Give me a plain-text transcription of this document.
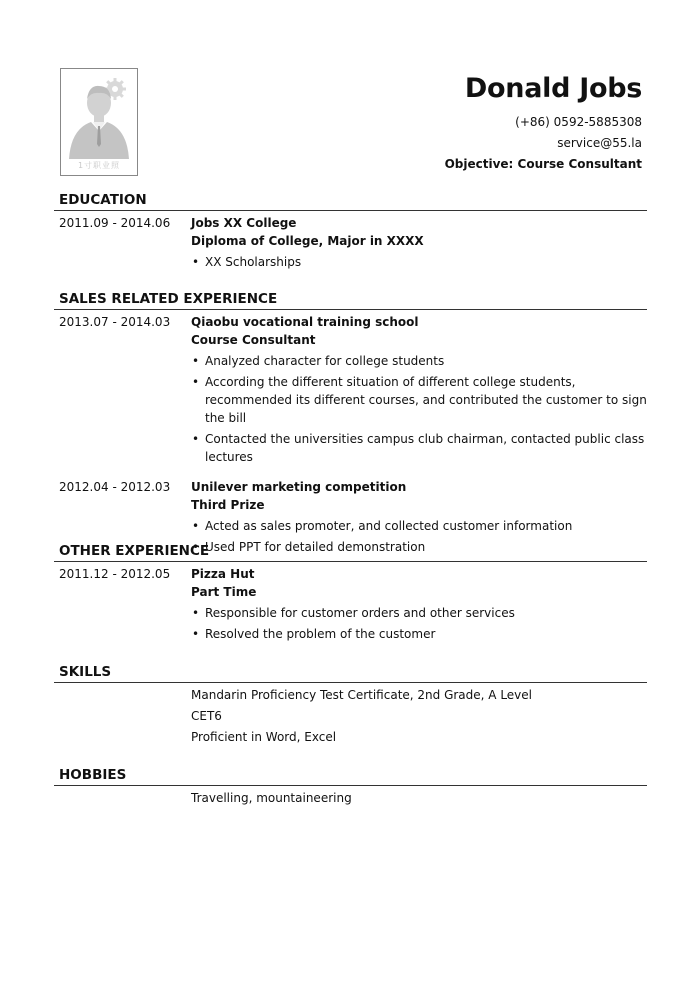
1寸职业照
Donald Jobs
(+86) 0592-5885308
service@55.la
Objective: Course Consultant
EDUCATION
2011.09 - 2014.06 Jobs XX College
Diploma of College, Major in XXXX
• XX Scholarships
SALES RELATED EXPERIENCE
2013.07 - 2014.03 Qiaobu vocational training school
Course Consultant
• Analyzed character for college students
• According the different situation of different college students, recommended its different courses, and contributed the customer to sign the bill
• Contacted the universities campus club chairman, contacted public class lectures
2012.04 - 2012.03 Unilever marketing competition
Third Prize
• Acted as sales promoter, and collected customer information
• Used PPT for detailed demonstration
OTHER EXPERIENCE
2011.12 - 2012.05 Pizza Hut
Part Time
• Responsible for customer orders and other services
• Resolved the problem of the customer
SKILLS
Mandarin Proficiency Test Certificate, 2nd Grade, A Level
CET6
Proficient in Word, Excel
HOBBIES
Travelling, mountaineering
